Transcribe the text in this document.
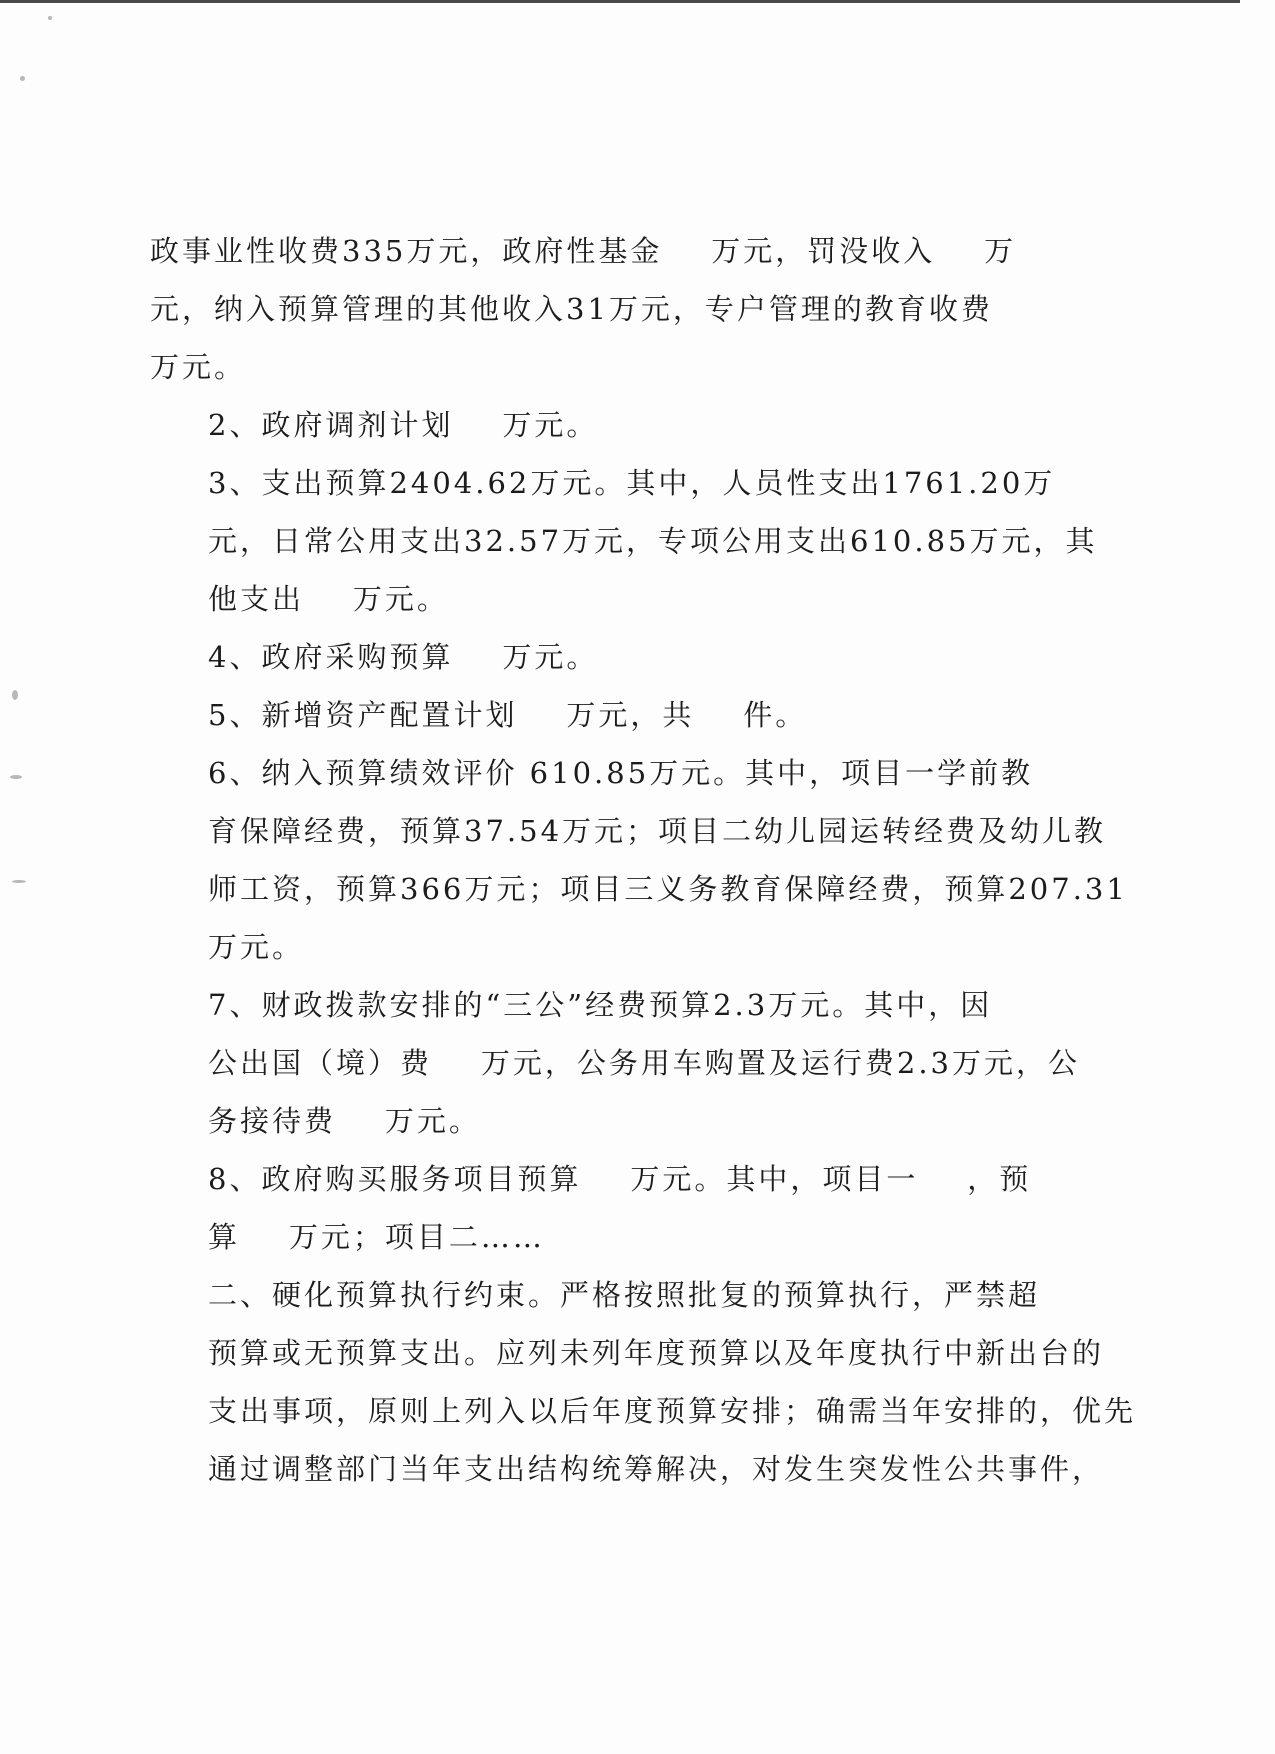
政事业性收费335万元，政府性基金    万元，罚没收入    万
元，纳入预算管理的其他收入31万元，专户管理的教育收费
万元。

2、政府调剂计划    万元。

3、支出预算2404.62万元。其中，人员性支出1761.20万
元，日常公用支出32.57万元，专项公用支出610.85万元，其
他支出    万元。

4、政府采购预算    万元。

5、新增资产配置计划    万元，共    件。

6、纳入预算绩效评价 610.85万元。其中，项目一学前教
育保障经费，预算37.54万元；项目二幼儿园运转经费及幼儿教
师工资，预算366万元；项目三义务教育保障经费，预算207.31
万元。

7、财政拨款安排的“三公”经费预算2.3万元。其中，因
公出国（境）费    万元，公务用车购置及运行费2.3万元，公
务接待费    万元。

8、政府购买服务项目预算    万元。其中，项目一    ，预
算    万元；项目二……

二、硬化预算执行约束。严格按照批复的预算执行，严禁超
预算或无预算支出。应列未列年度预算以及年度执行中新出台的
支出事项，原则上列入以后年度预算安排；确需当年安排的，优先
通过调整部门当年支出结构统筹解决，对发生突发性公共事件，
